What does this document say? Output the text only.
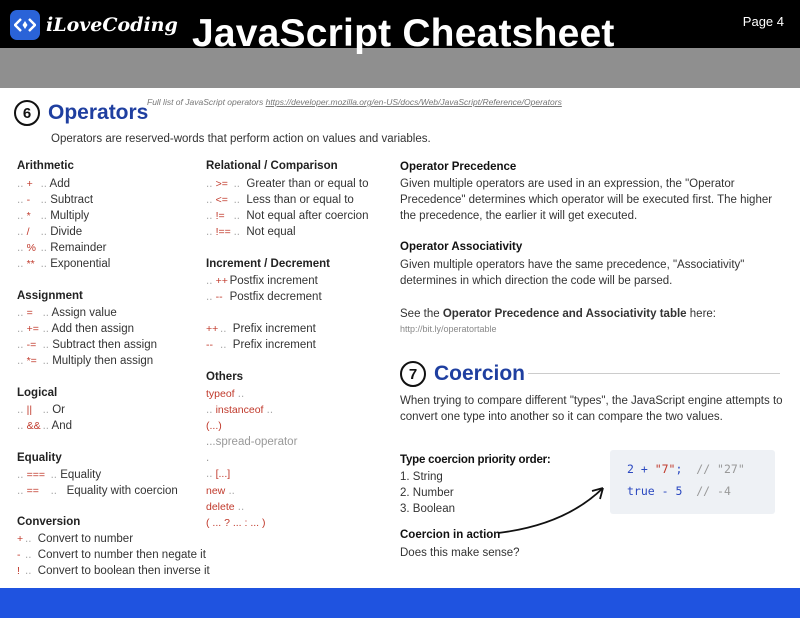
iLoveCoding JavaScript Cheatsheet	Page 4
6 Operators
Full list of JavaScript operators https://developer.mozilla.org/en-US/docs/Web/JavaScript/Reference/Operators
Operators are reserved-words that perform action on values and variables.
Arithmetic
.. + .. Add
.. - .. Subtract
.. * .. Multiply
.. / .. Divide
.. % .. Remainder
.. ** .. Exponential
Assignment
.. = .. Assign value
.. += .. Add then assign
.. -= .. Subtract then assign
.. *= .. Multiply then assign
Logical
.. || .. Or
.. && .. And
Equality
.. === .. Equality
.. == ..   Equality with coercion
Conversion
+ ..  Convert to number
- ..  Convert to number then negate it
! ..  Convert to boolean then inverse it
Relational / Comparison
.. >= ..  Greater than or equal to
.. <= ..  Less than or equal to
.. != ..  Not equal after coercion
.. !== ..  Not equal
Increment / Decrement
.. ++ Postfix increment
.. -- Postfix decrement
++ ..  Prefix increment
-- ..  Prefix increment
Others
typeof ..
.. instanceof ..
(...)
...spread-operator
.
.. [...]
new ..
delete ..
( ... ? ... : ... )
Operator Precedence
Given multiple operators are used in an expression, the "Operator Precedence" determines which operator will be executed first. The higher the precedence, the earlier it will get executed.
Operator Associativity
Given multiple operators have the same precedence, "Associativity" determines in which direction the code will be parsed.
See the Operator Precedence and Associativity table here:
http://bit.ly/operatortable
7 Coercion
When trying to compare different "types", the JavaScript engine attempts to convert one type into another so it can compare the two values.
Type coercion priority order:
1. String
2. Number
3. Boolean
Coercion in action
Does this make sense?
2 + "7"; // "27"
true - 5 // -4
